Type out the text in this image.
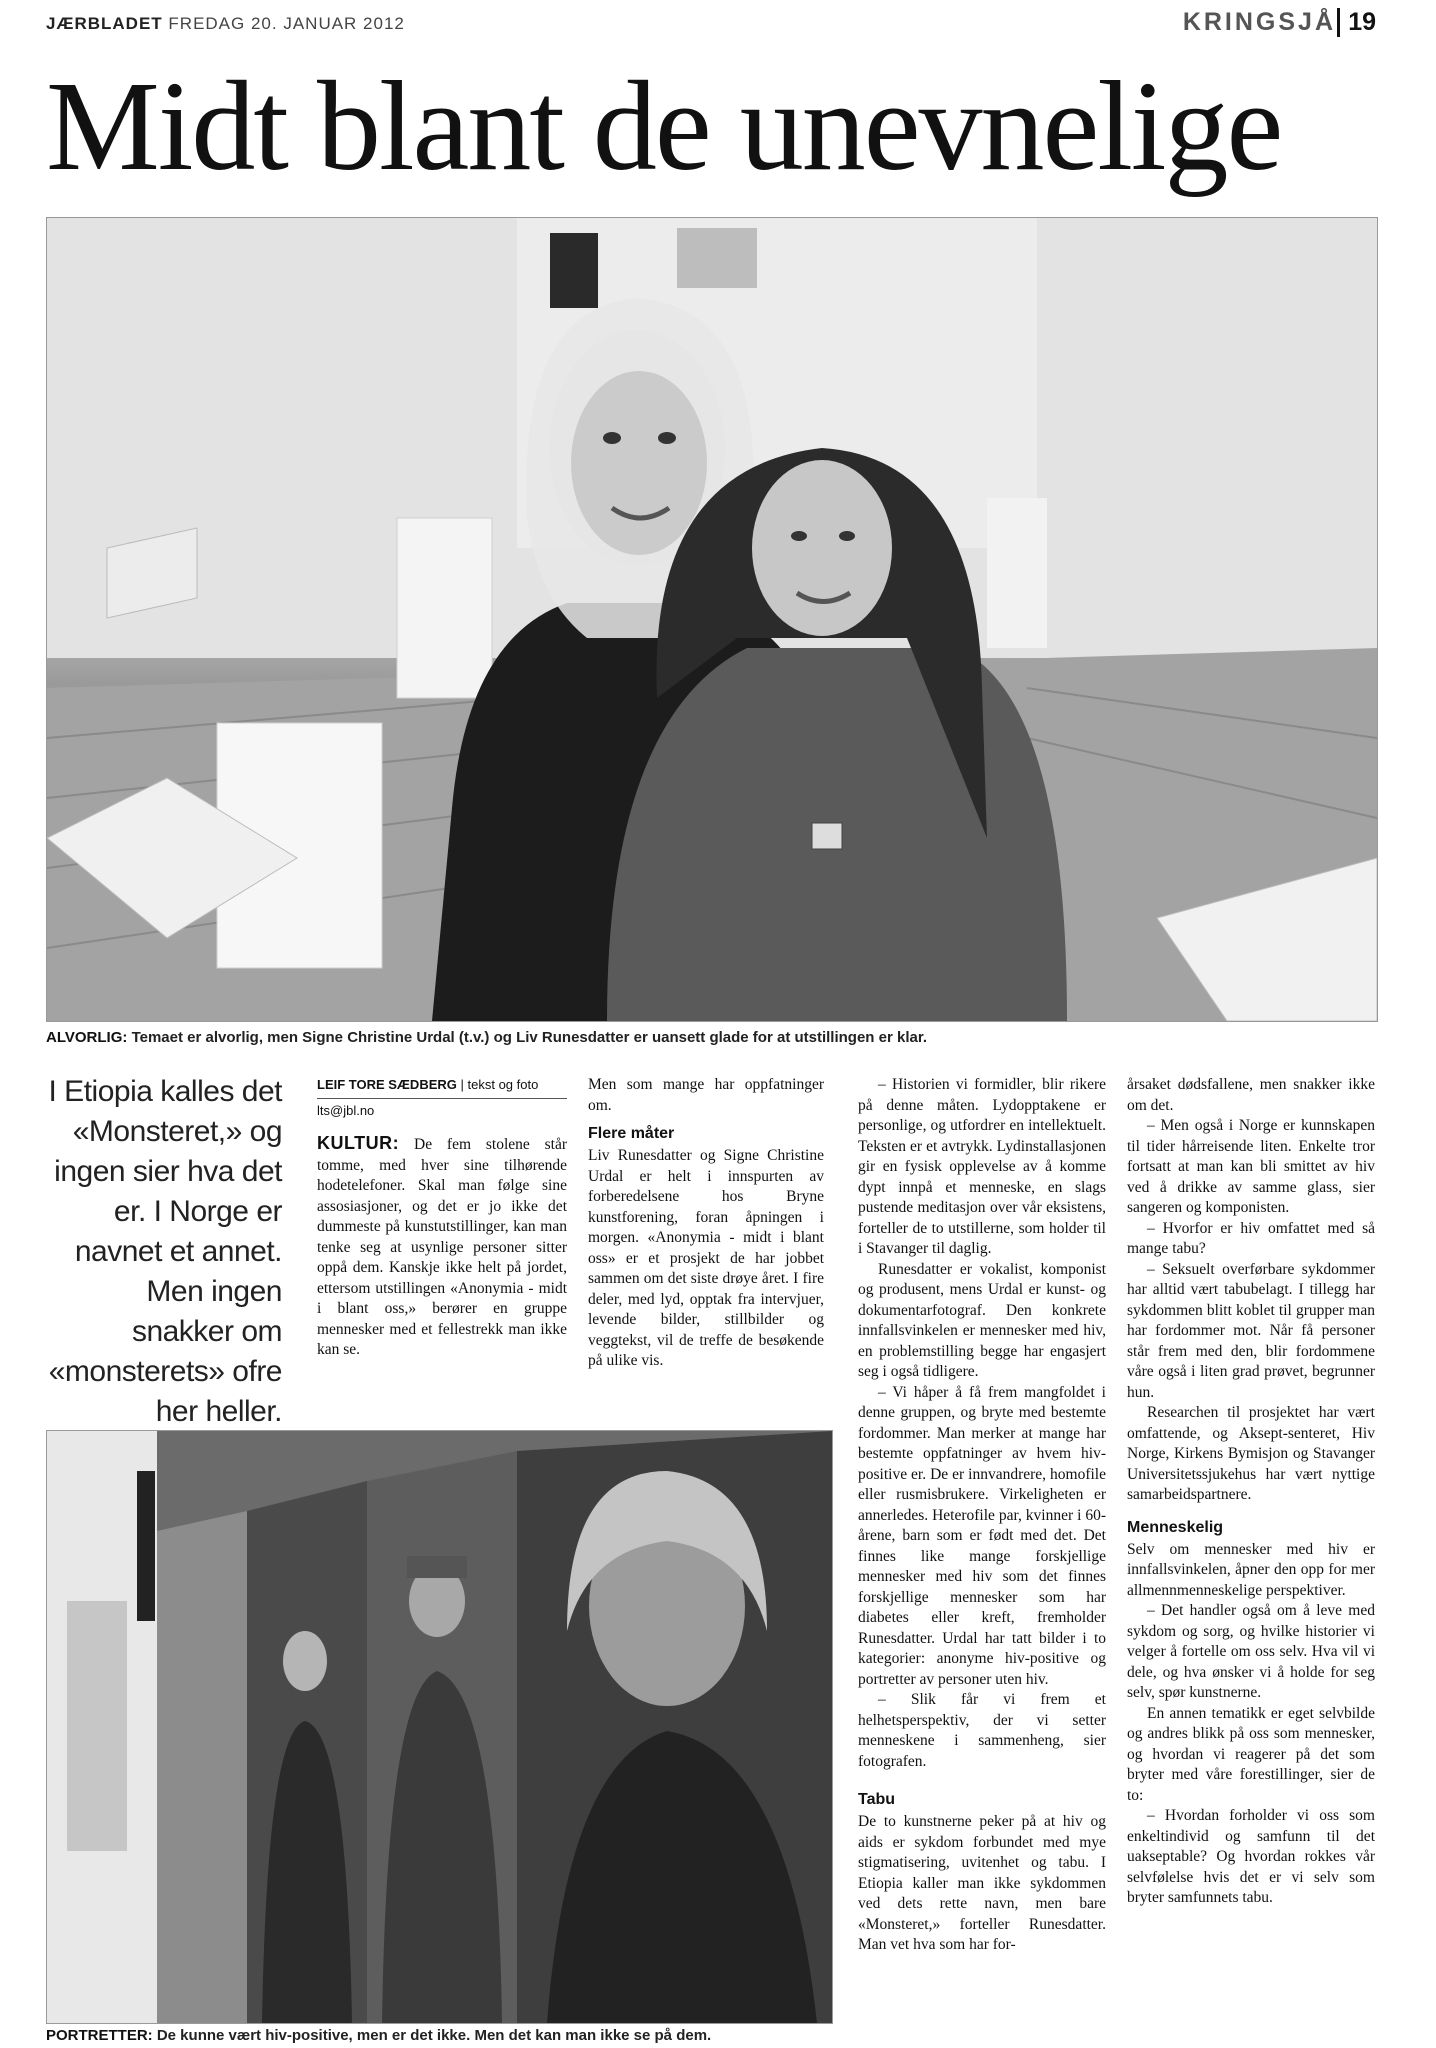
JÆRBLADET FREDAG 20. JANUAR 2012	KRINGSJÅ 19
Midt blant de unevnelige
ALVORLIG: Temaet er alvorlig, men Signe Christine Urdal (t.v.) og Liv Runesdatter er uansett glade for at utstillingen er klar.
I Etiopia kalles det «Monsteret,» og ingen sier hva det er. I Norge er navnet et annet. Men ingen snakker om «monsterets» ofre her heller.
LEIF TORE SÆDBERG | tekst og foto
lts@jbl.no

KULTUR: De fem stolene står tomme, med hver sine tilhørende hodetelefoner. Skal man følge sine assosiasjoner, og det er jo ikke det dummeste på kunstutstillinger, kan man tenke seg at usynlige personer sitter oppå dem. Kanskje ikke helt på jordet, ettersom utstillingen «Anonymia - midt i blant oss,» berører en gruppe mennesker med et fellestrekk man ikke kan se.

Men som mange har oppfatninger om.

Flere måter

Liv Runesdatter og Signe Christine Urdal er helt i innspurten av forberedelsene hos Bryne kunstforening, foran åpningen i morgen. «Anonymia - midt i blant oss» er et prosjekt de har jobbet sammen om det siste drøye året. I fire deler, med lyd, opptak fra intervjuer, levende bilder, stillbilder og veggtekst, vil de treffe de besøkende på ulike vis.

– Historien vi formidler, blir rikere på denne måten. Lydopptakene er personlige, og utfordrer en intellektuelt. Teksten er et avtrykk. Lydinstallasjonen gir en fysisk opplevelse av å komme dypt innpå et menneske, en slags pustende meditasjon over vår eksistens, forteller de to utstillerne, som holder til i Stavanger til daglig.

Runesdatter er vokalist, komponist og produsent, mens Urdal er kunst- og dokumentarfotograf. Den konkrete innfallsvinkelen er mennesker med hiv, en problemstilling begge har engasjert seg i også tidligere.

– Vi håper å få frem mangfoldet i denne gruppen, og bryte med bestemte fordommer. Man merker at mange har bestemte oppfatninger av hvem hiv-positive er. De er innvandrere, homofile eller rusmisbrukere. Virkeligheten er annerledes. Heterofile par, kvinner i 60-årene, barn som er født med det. Det finnes like mange forskjellige mennesker med hiv som det finnes forskjellige mennesker som har diabetes eller kreft, fremholder Runesdatter. Urdal har tatt bilder i to kategorier: anonyme hiv-positive og portretter av personer uten hiv.

– Slik får vi frem et helhetsperspektiv, der vi setter menneskene i sammenheng, sier fotografen.

Tabu

De to kunstnerne peker på at hiv og aids er sykdom forbundet med mye stigmatisering, uvitenhet og tabu. I Etiopia kaller man ikke sykdommen ved dets rette navn, men bare «Monsteret,» forteller Runesdatter. Man vet hva som har for-

årsaket dødsfallene, men snakker ikke om det.

– Men også i Norge er kunnskapen til tider hårreisende liten. Enkelte tror fortsatt at man kan bli smittet av hiv ved å drikke av samme glass, sier sangeren og komponisten.

– Hvorfor er hiv omfattet med så mange tabu?

– Seksuelt overførbare sykdommer har alltid vært tabubelagt. I tillegg har sykdommen blitt koblet til grupper man har fordommer mot. Når få personer står frem med den, blir fordommene våre også i liten grad prøvet, begrunner hun.

Researchen til prosjektet har vært omfattende, og Aksept-senteret, Hiv Norge, Kirkens Bymisjon og Stavanger Universitetssjukehus har vært nyttige samarbeidspartnere.

Menneskelig

Selv om mennesker med hiv er innfallsvinkelen, åpner den opp for mer allmennmenneskelige perspektiver.

– Det handler også om å leve med sykdom og sorg, og hvilke historier vi velger å fortelle om oss selv. Hva vil vi dele, og hva ønsker vi å holde for seg selv, spør kunstnerne.

En annen tematikk er eget selvbilde og andres blikk på oss som mennesker, og hvordan vi reagerer på det som bryter med våre forestillinger, sier de to:

– Hvordan forholder vi oss som enkeltindivid og samfunn til det uakseptable? Og hvordan rokkes vår selvfølelse hvis det er vi selv som bryter samfunnets tabu.

PORTRETTER: De kunne vært hiv-positive, men er det ikke. Men det kan man ikke se på dem.
